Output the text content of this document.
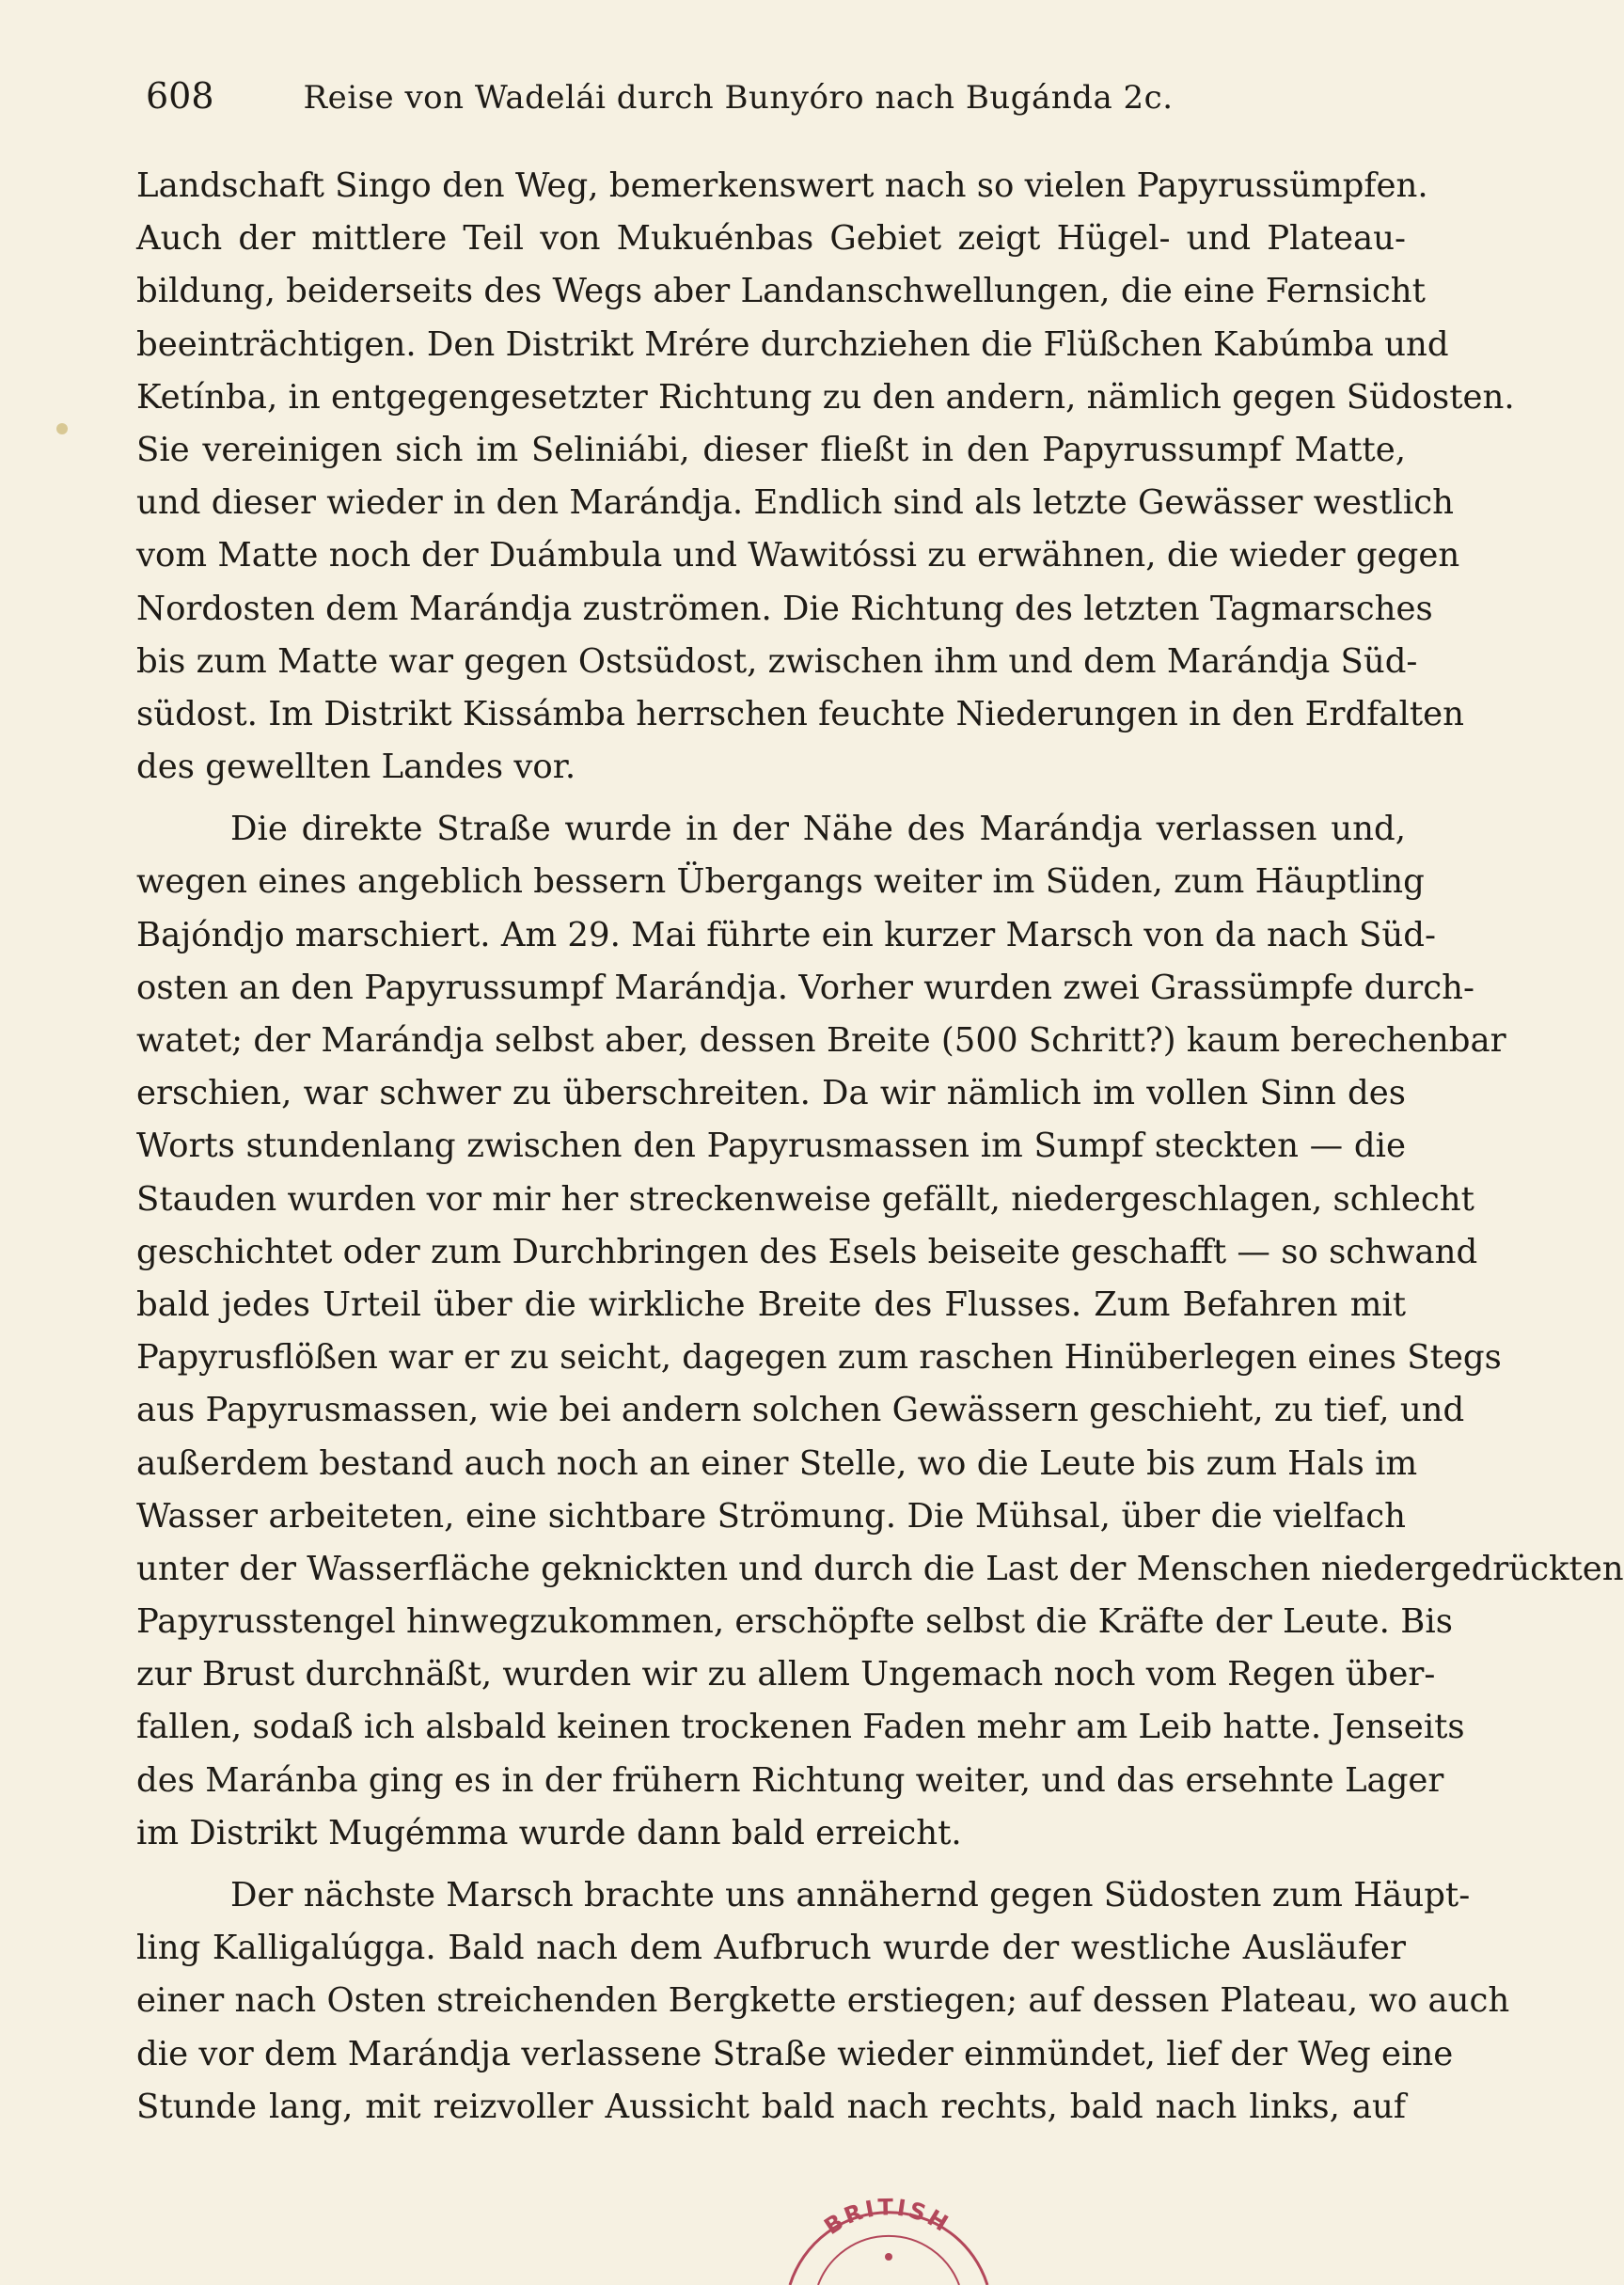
608	Reise von Wadelái durch Bunyóro nach Bugánda 2c.
Landschaft Singo den Weg, bemerkenswert nach so vielen Papyrussümpfen.
Auch der mittlere Teil von Mukuénbas Gebiet zeigt Hügel- und Plateau-
bildung, beiderseits des Wegs aber Landanschwellungen, die eine Fernsicht
beeinträchtigen. Den Distrikt Mrére durchziehen die Flüßchen Kabúmba und
Ketínba, in entgegengesetzter Richtung zu den andern, nämlich gegen Südosten.
Sie vereinigen sich im Seliniábi, dieser fließt in den Papyrussumpf Matte,
und dieser wieder in den Marándja. Endlich sind als letzte Gewässer westlich
vom Matte noch der Duámbula und Wawitóssi zu erwähnen, die wieder gegen
Nordosten dem Marándja zuströmen. Die Richtung des letzten Tagmarsches
bis zum Matte war gegen Ostsüdost, zwischen ihm und dem Marándja Süd-
südost. Im Distrikt Kissámba herrschen feuchte Niederungen in den Erdfalten
des gewellten Landes vor.
Die direkte Straße wurde in der Nähe des Marándja verlassen und,
wegen eines angeblich bessern Übergangs weiter im Süden, zum Häuptling
Bajóndjo marschiert. Am 29. Mai führte ein kurzer Marsch von da nach Süd-
osten an den Papyrussumpf Marándja. Vorher wurden zwei Grassümpfe durch-
watet; der Marándja selbst aber, dessen Breite (500 Schritt?) kaum berechenbar
erschien, war schwer zu überschreiten. Da wir nämlich im vollen Sinn des
Worts stundenlang zwischen den Papyrusmassen im Sumpf steckten — die
Stauden wurden vor mir her streckenweise gefällt, niedergeschlagen, schlecht
geschichtet oder zum Durchbringen des Esels beiseite geschafft — so schwand
bald jedes Urteil über die wirkliche Breite des Flusses. Zum Befahren mit
Papyrusflößen war er zu seicht, dagegen zum raschen Hinüberlegen eines Stegs
aus Papyrusmassen, wie bei andern solchen Gewässern geschieht, zu tief, und
außerdem bestand auch noch an einer Stelle, wo die Leute bis zum Hals im
Wasser arbeiteten, eine sichtbare Strömung. Die Mühsal, über die vielfach
unter der Wasserfläche geknickten und durch die Last der Menschen niedergedrückten
Papyrusstengel hinwegzukommen, erschöpfte selbst die Kräfte der Leute. Bis
zur Brust durchnäßt, wurden wir zu allem Ungemach noch vom Regen über-
fallen, sodaß ich alsbald keinen trockenen Faden mehr am Leib hatte. Jenseits
des Maránba ging es in der frühern Richtung weiter, und das ersehnte Lager
im Distrikt Mugémma wurde dann bald erreicht.
Der nächste Marsch brachte uns annähernd gegen Südosten zum Häupt-
ling Kalligalúgga. Bald nach dem Aufbruch wurde der westliche Ausläufer
einer nach Osten streichenden Bergkette erstiegen; auf dessen Plateau, wo auch
die vor dem Marándja verlassene Straße wieder einmündet, lief der Weg eine
Stunde lang, mit reizvoller Aussicht bald nach rechts, bald nach links, auf
BRITISH
